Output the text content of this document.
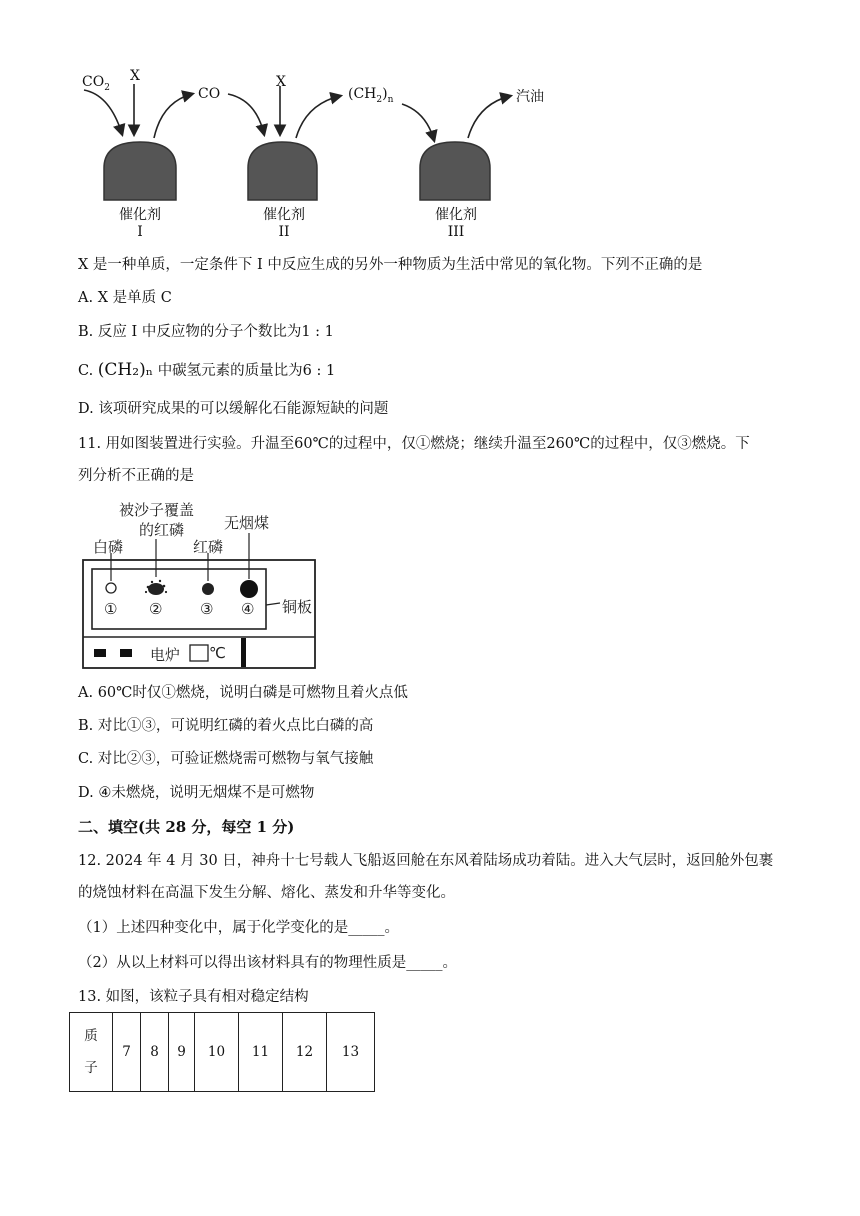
$CO_2$
X
CO
X
$(CH_2)_n$	汽油
催化剂	催化剂	催化剂
I	II	III
X 是一种单质，一定条件下 I 中反应生成的另外一种物质为生活中常见的氧化物。下列不正确的是
A. X 是单质 C
B. 反应 I 中反应物的分子个数比为1 : 1
C. (CH₂)ₙ 中碳氢元素的质量比为6 : 1
D. 该项研究成果的可以缓解化石能源短缺的问题
11. 用如图装置进行实验。升温至60℃的过程中，仅①燃烧；继续升温至260℃的过程中，仅③燃烧。下
列分析不正确的是
被沙子覆盖
的红磷
白磷	红磷
无烟煤
铜板
① ②	③ ④
电炉 ℃
A. 60℃时仅①燃烧，说明白磷是可燃物且着火点低
B. 对比①③，可说明红磷的着火点比白磷的高
C. 对比②③，可验证燃烧需可燃物与氧气接触
D. ④未燃烧，说明无烟煤不是可燃物
二、填空(共 28 分，每空 1 分)
12. 2024 年 4 月 30 日，神舟十七号载人飞船返回舱在东风着陆场成功着陆。进入大气层时，返回舱外包裹
的烧蚀材料在高温下发生分解、熔化、蒸发和升华等变化。
（1）上述四种变化中，属于化学变化的是_____。
（2）从以上材料可以得出该材料具有的物理性质是_____。
13. 如图，该粒子具有相对稳定结构
质
子	7	8	9	10	11	12	13
